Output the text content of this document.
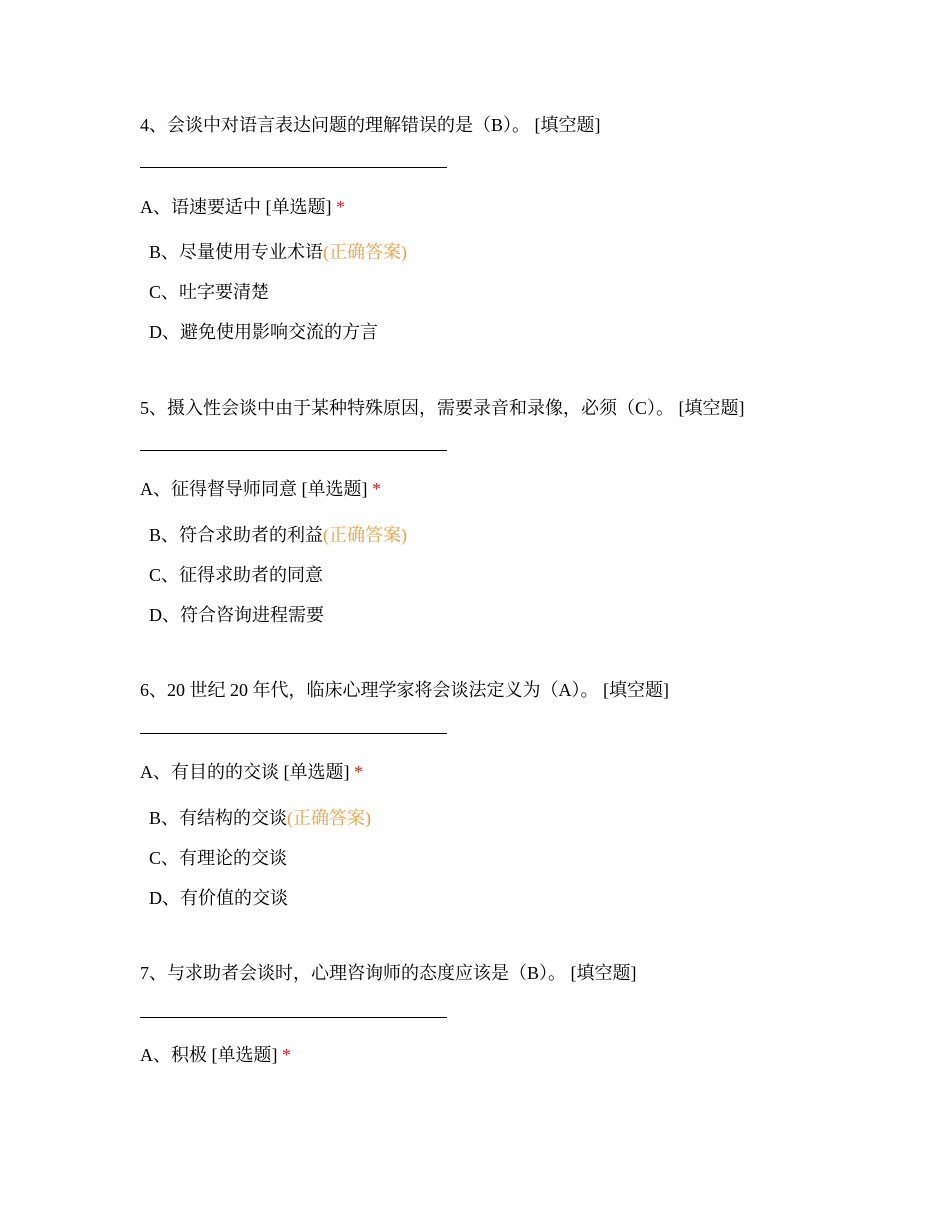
4、会谈中对语言表达问题的理解错误的是（B）。 [填空题]
A、语速要适中 [单选题] *
B、尽量使用专业术语(正确答案)
C、吐字要清楚
D、避免使用影响交流的方言
5、摄入性会谈中由于某种特殊原因，需要录音和录像，必须（C）。 [填空题]
A、征得督导师同意 [单选题] *
B、符合求助者的利益(正确答案)
C、征得求助者的同意
D、符合咨询进程需要
6、20 世纪 20 年代，临床心理学家将会谈法定义为（A）。 [填空题]
A、有目的的交谈 [单选题] *
B、有结构的交谈(正确答案)
C、有理论的交谈
D、有价值的交谈
7、与求助者会谈时，心理咨询师的态度应该是（B）。 [填空题]
A、积极 [单选题] *
